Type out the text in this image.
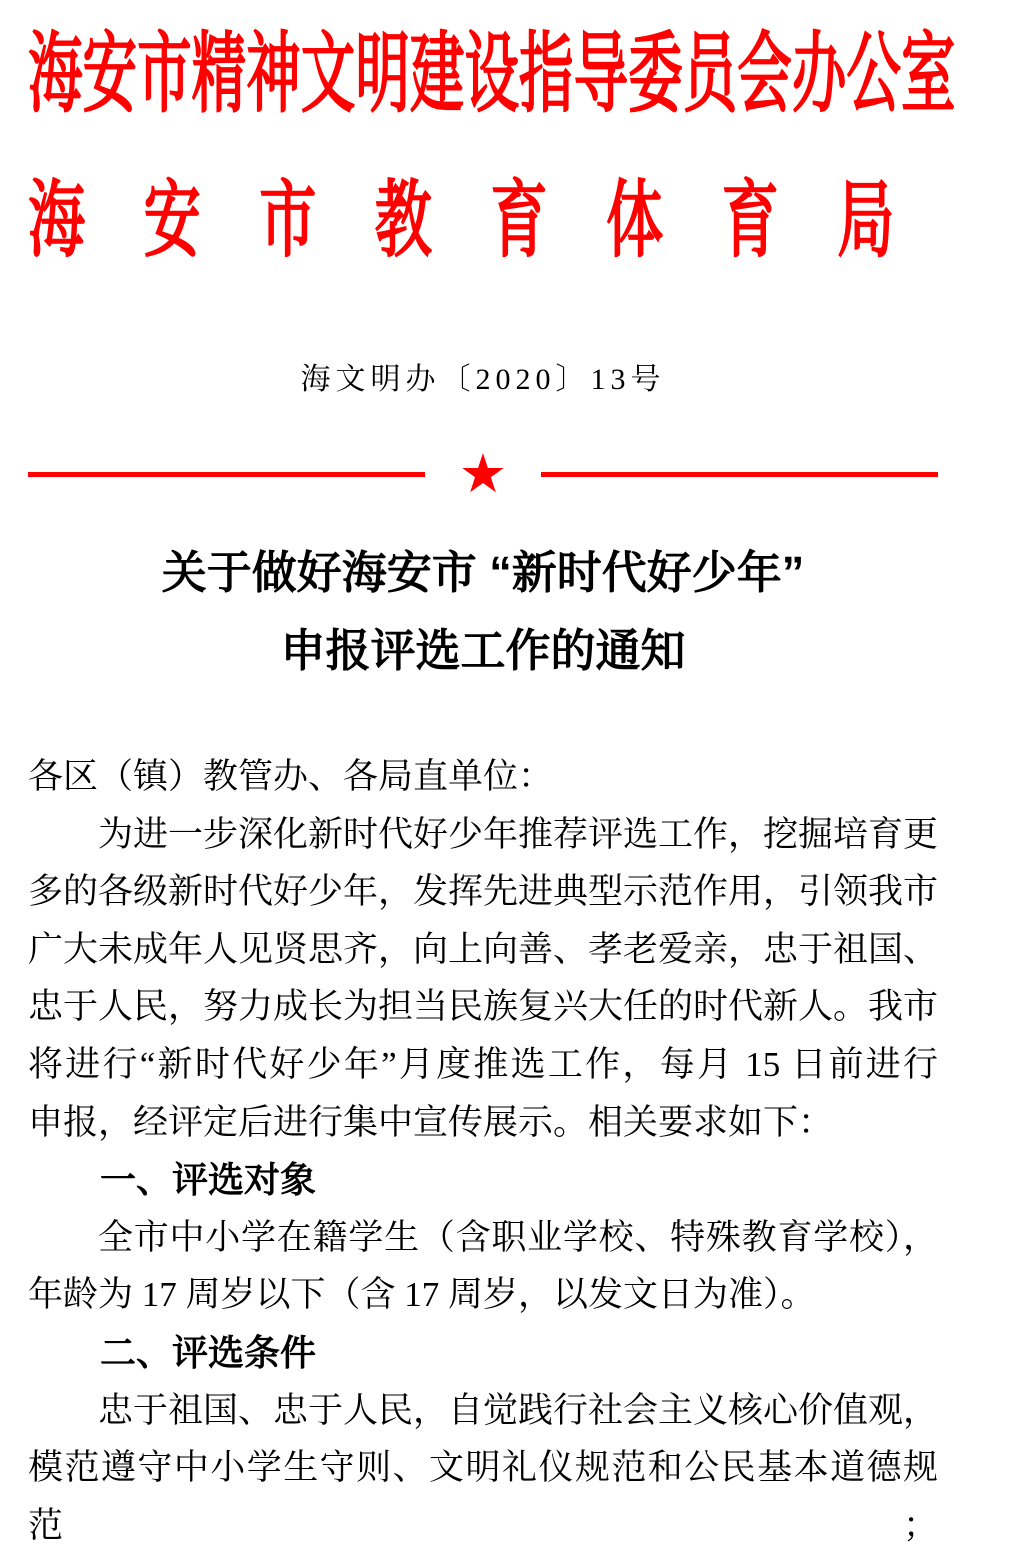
海安市精神文明建设指导委员会办公室
海安市教育体育局
海文明办〔2020〕13号
★
关于做好海安市 “新时代好少年”
申报评选工作的通知
各区（镇）教管办、各局直单位：
为进一步深化新时代好少年推荐评选工作，挖掘培育更
多的各级新时代好少年，发挥先进典型示范作用，引领我市
广大未成年人见贤思齐，向上向善、孝老爱亲，忠于祖国、
忠于人民，努力成长为担当民族复兴大任的时代新人。我市
将进行“新时代好少年”月度推选工作，每月 15 日前进行
申报，经评定后进行集中宣传展示。相关要求如下：
一、评选对象
全市中小学在籍学生（含职业学校、特殊教育学校），
年龄为 17 周岁以下（含 17 周岁，以发文日为准）。
二、评选条件
忠于祖国、忠于人民，自觉践行社会主义核心价值观，
模范遵守中小学生守则、文明礼仪规范和公民基本道德规范；
